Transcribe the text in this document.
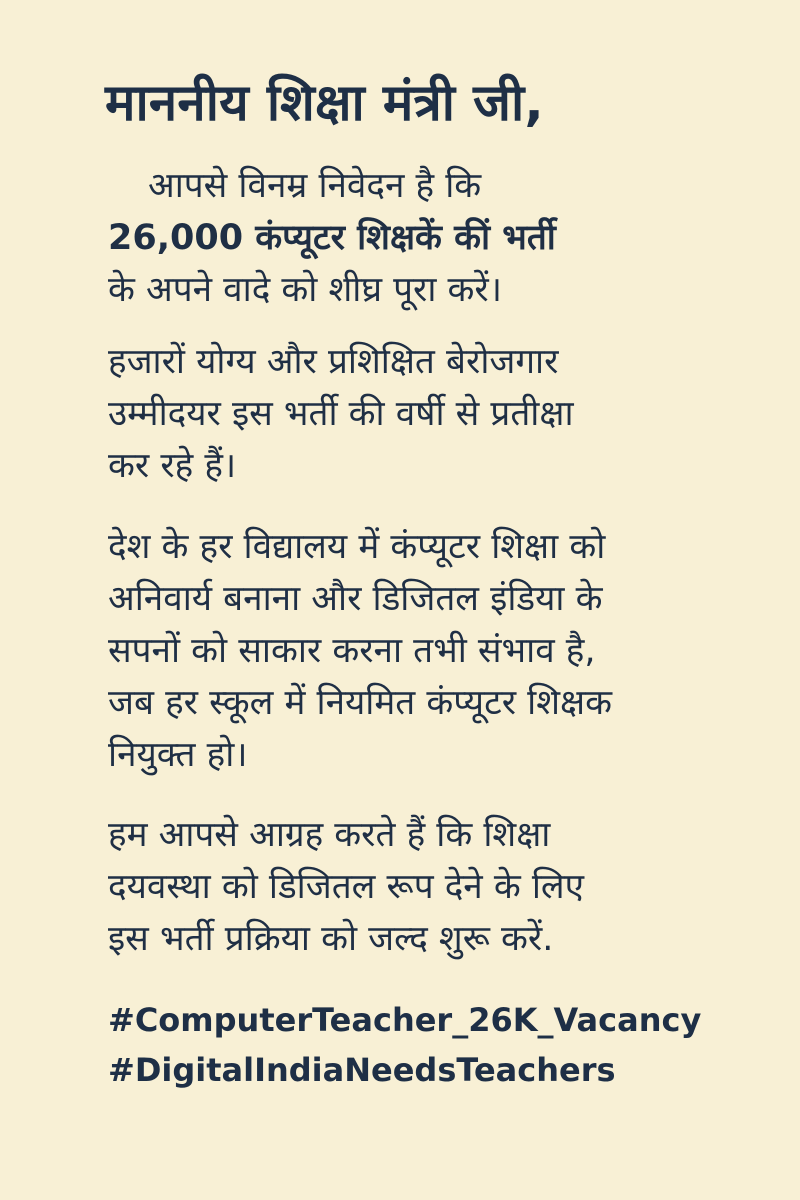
माननीय शिक्षा मंत्री जी,

आपसे विनम्र निवेदन है कि
26,000 कंप्यूटर शिक्षकें कीं भर्ती
के अपने वादे को शीघ्र पूरा करें।

हजारों योग्य और प्रशिक्षित बेरोजगार
उम्मीदयर इस भर्ती की वर्षी से प्रतीक्षा
कर रहे हैं।

देश के हर विद्यालय में कंप्यूटर शिक्षा को
अनिवार्य बनाना और डिजितल इंडिया के
सपनों को साकार करना तभी संभाव है,
जब हर स्कूल में नियमित कंप्यूटर शिक्षक
नियुक्त हो।

हम आपसे आग्रह करते हैं कि शिक्षा
दयवस्था को डिजितल रूप देने के लिए
इस भर्ती प्रक्रिया को जल्द शुरू करें.

#ComputerTeacher_26K_Vacancy
#DigitalIndiaNeedsTeachers
